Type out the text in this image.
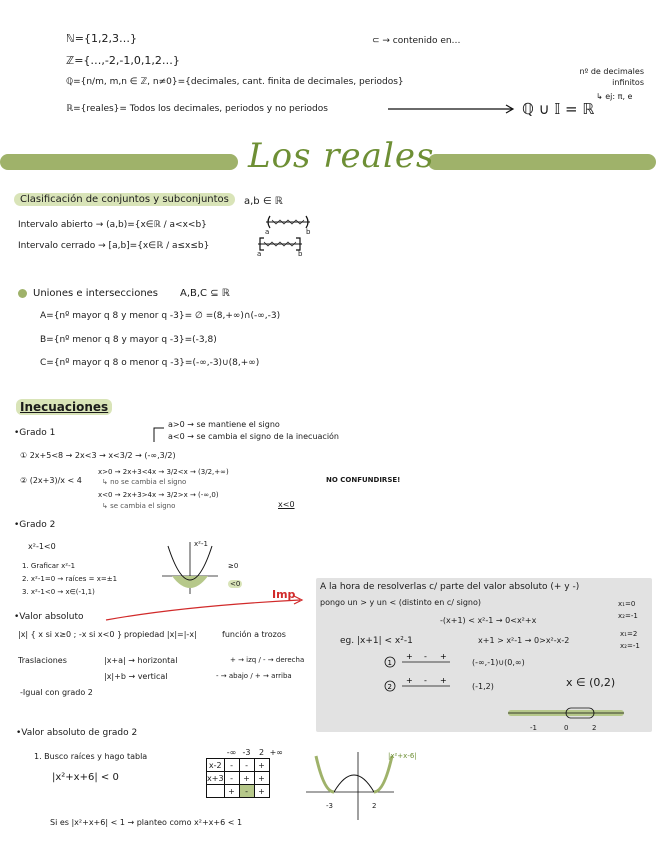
ℕ={1,2,3…}	⊂ → contenido en…
ℤ={…,-2,-1,0,1,2…}
ℚ={n/m, m,n ∈ ℤ, n≠0}={decimales, cant. finita de decimales, periodos}
nº de decimales infinitos
↳ ej: π, e
ℝ={reales}= Todos los decimales, periodos y no periodos	ℚ ∪ 𝕀 = ℝ
Los reales
Clasificación de conjuntos y subconjuntos	a,b ∈ ℝ
Intervalo abierto → (a,b)={x∈ℝ / a<x<b}
a	b
Intervalo cerrado → [a,b]={x∈ℝ / a≤x≤b}
a	b
Uniones e intersecciones A,B,C ⊆ ℝ
A={nº mayor q 8 y menor q -3}= ∅ =(8,+∞)∩(-∞,-3)
B={nº menor q 8 y mayor q -3}=(-3,8)
C={nº mayor q 8 o menor q -3}=(-∞,-3)∪(8,+∞)
Inecuaciones
•Grado 1
a>0 → se mantiene el signo
a<0 → se cambia el signo de la inecuación
① 2x+5<8 → 2x<3 → x<3/2 → (-∞,3/2)
② (2x+3)/x < 4
x>0 → 2x+3<4x → 3/2<x → (3/2,+∞)
↳ no se cambia el signo
x<0 → 2x+3>4x → 3/2>x → (-∞,0)
↳ se cambia el signo
NO CONFUNDIRSE!
x<0
•Grado 2
x²-1<0
1. Graficar x²-1
2. x²-1=0 → raíces = x=±1
3. x²-1<0 → x∈(-1,1)
x²-1
≥0
<0
•Valor absoluto
|x| { x si x≥0 ; -x si x<0 } propiedad |x|=|-x|	función a trozos
Traslaciones	|x+a| → horizontal	+ → izq / - → derecha
|x|+b → vertical	- → abajo / + → arriba
-Igual con grado 2
Imp
A la hora de resolverlas c/ parte del valor absoluto (+ y -)
pongo un > y un < (distinto en c/ signo)
eg. |x+1| < x²-1
-(x+1) < x²-1 → 0<x²+x
x+1 > x²-1 → 0>x²-x-2
x₁=0
x₂=-1
x₁=2
x₂=-1
1
+ - +
2
+ - +
(-∞,-1)∪(0,∞)
(-1,2)	x ∈ (0,2)
-1	0	2
•Valor absoluto de grado 2
1. Busco raíces y hago tabla
|x²+x+6| < 0
Si es |x²+x+6| < 1 → planteo como x²+x+6 < 1
	-∞	-3	2	+∞
x-2	-	-	+	
x+3	-	+	+	
	+	-	+	
|x²+x-6|
-3	2
